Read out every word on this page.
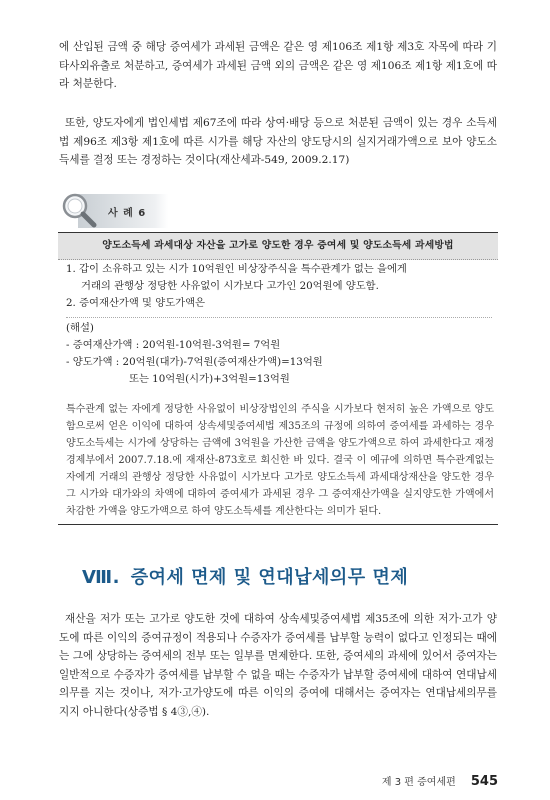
에 산입된 금액 중 해당 증여세가 과세된 금액은 같은 영 제106조 제1항 제3호 자목에 따라 기타사외유출로 처분하고, 증여세가 과세된 금액 외의 금액은 같은 영 제106조 제1항 제1호에 따라 처분한다.

또한, 양도자에게 법인세법 제67조에 따라 상여·배당 등으로 처분된 금액이 있는 경우 소득세법 제96조 제3항 제1호에 따른 시가를 해당 자산의 양도당시의 실지거래가액으로 보아 양도소득세를 결정 또는 경정하는 것이다(재산세과-549, 2009.2.17)

사 례 6
양도소득세 과세대상 자산을 고가로 양도한 경우 증여세 및 양도소득세 과세방법
1. 갑이 소유하고 있는 시가 10억원인 비상장주식을 특수관계가 없는 을에게
거래의 관행상 정당한 사유없이 시가보다 고가인 20억원에 양도함.
2. 증여재산가액 및 양도가액은
(해설)
- 증여재산가액 : 20억원-10억원-3억원= 7억원
- 양도가액 : 20억원(대가)-7억원(증여재산가액)=13억원
또는 10억원(시가)+3억원=13억원

특수관계 없는 자에게 정당한 사유없이 비상장법인의 주식을 시가보다 현저히 높은 가액으로 양도함으로써 얻은 이익에 대하여 상속세및증여세법 제35조의 규정에 의하여 증여세를 과세하는 경우 양도소득세는 시가에 상당하는 금액에 3억원을 가산한 금액을 양도가액으로 하여 과세한다고 재정경제부에서 2007.7.18.에 재재산-873호로 회신한 바 있다. 결국 이 예규에 의하면 특수관계없는 자에게 거래의 관행상 정당한 사유없이 시가보다 고가로 양도소득세 과세대상재산을 양도한 경우 그 시가와 대가와의 차액에 대하여 증여세가 과세된 경우 그 증여재산가액을 실지양도한 가액에서 차감한 가액을 양도가액으로 하여 양도소득세를 계산한다는 의미가 된다.

Ⅷ. 증여세 면제 및 연대납세의무 면제

재산을 저가 또는 고가로 양도한 것에 대하여 상속세및증여세법 제35조에 의한 저가·고가 양도에 따른 이익의 증여규정이 적용되나 수증자가 증여세를 납부할 능력이 없다고 인정되는 때에는 그에 상당하는 증여세의 전부 또는 일부를 면제한다. 또한, 증여세의 과세에 있어서 증여자는 일반적으로 수증자가 증여세를 납부할 수 없을 때는 수증자가 납부할 증여세에 대하여 연대납세의무를 지는 것이나, 저가·고가양도에 따른 이익의 증여에 대해서는 증여자는 연대납세의무를 지지 아니한다(상증법 § 4③,④).

제 3 편 증여세편 545
